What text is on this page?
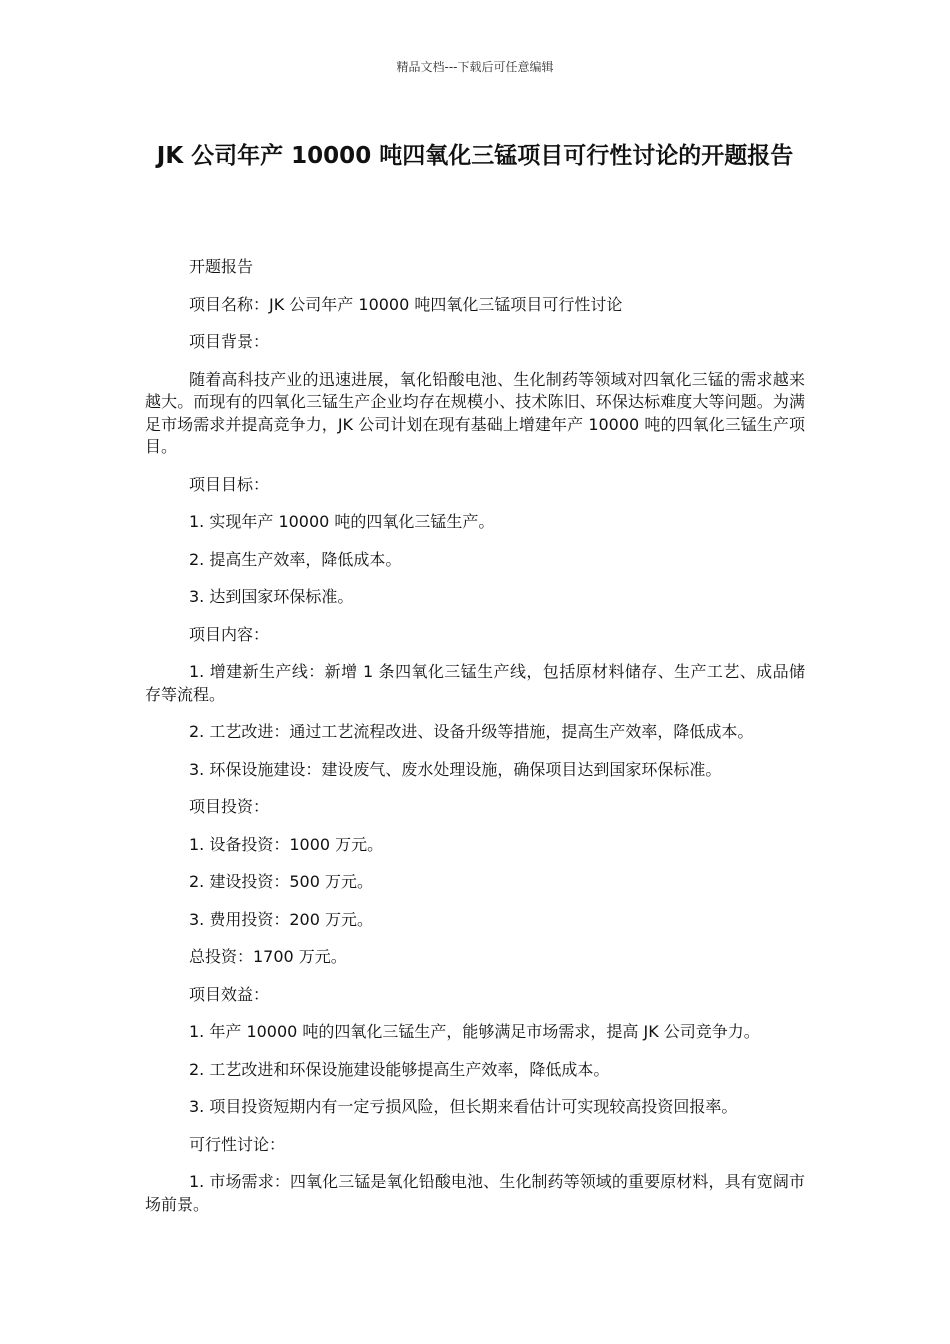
精品文档---下载后可任意编辑
JK 公司年产 10000 吨四氧化三锰项目可行性讨论的开题报告

开题报告

项目名称：JK 公司年产 10000 吨四氧化三锰项目可行性讨论

项目背景：

随着高科技产业的迅速进展，氧化铅酸电池、生化制药等领域对四氧化三锰的需求越来越大。而现有的四氧化三锰生产企业均存在规模小、技术陈旧、环保达标难度大等问题。为满足市场需求并提高竞争力，JK 公司计划在现有基础上增建年产 10000 吨的四氧化三锰生产项目。

项目目标：

1. 实现年产 10000 吨的四氧化三锰生产。

2. 提高生产效率，降低成本。

3. 达到国家环保标准。

项目内容：

1. 增建新生产线：新增 1 条四氧化三锰生产线，包括原材料储存、生产工艺、成品储存等流程。

2. 工艺改进：通过工艺流程改进、设备升级等措施，提高生产效率，降低成本。

3. 环保设施建设：建设废气、废水处理设施，确保项目达到国家环保标准。

项目投资：

1. 设备投资：1000 万元。

2. 建设投资：500 万元。

3. 费用投资：200 万元。

总投资：1700 万元。

项目效益：

1. 年产 10000 吨的四氧化三锰生产，能够满足市场需求，提高 JK 公司竞争力。

2. 工艺改进和环保设施建设能够提高生产效率，降低成本。

3. 项目投资短期内有一定亏损风险，但长期来看估计可实现较高投资回报率。

可行性讨论：

1. 市场需求：四氧化三锰是氧化铅酸电池、生化制药等领域的重要原材料，具有宽阔市场前景。
